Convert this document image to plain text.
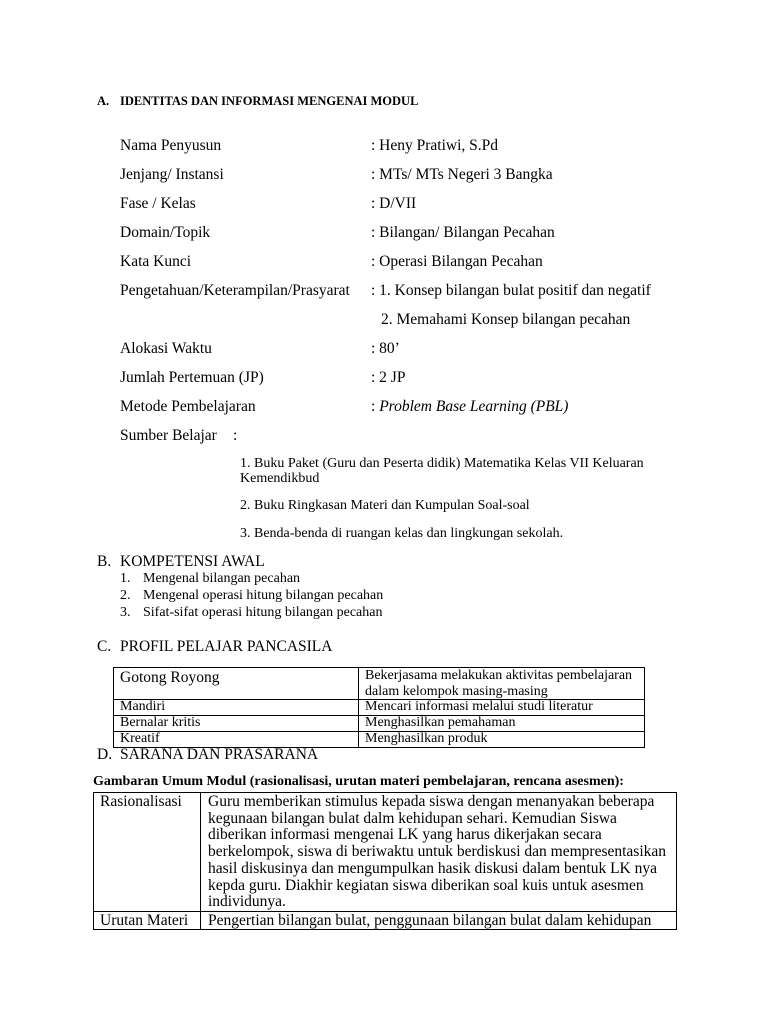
A. IDENTITAS DAN INFORMASI MENGENAI MODUL
Nama Penyusun	: Heny Pratiwi, S.Pd
Jenjang/ Instansi	: MTs/ MTs Negeri 3 Bangka
Fase / Kelas	: D/VII
Domain/Topik	: Bilangan/ Bilangan Pecahan
Kata Kunci	: Operasi Bilangan Pecahan
Pengetahuan/Keterampilan/Prasyarat : 1. Konsep bilangan bulat positif dan negatif
2. Memahami Konsep bilangan pecahan
Alokasi Waktu	: 80’
Jumlah Pertemuan (JP)	: 2 JP
Metode Pembelajaran	: Problem Base Learning (PBL)
Sumber Belajar :
1. Buku Paket (Guru dan Peserta didik) Matematika Kelas VII Keluaran Kemendikbud
2. Buku Ringkasan Materi dan Kumpulan Soal-soal
3. Benda-benda di ruangan kelas dan lingkungan sekolah.
B. KOMPETENSI AWAL
1. Mengenal bilangan pecahan
2. Mengenal operasi hitung bilangan pecahan
3. Sifat-sifat operasi hitung bilangan pecahan
C. PROFIL PELAJAR PANCASILA
Gotong Royong	Bekerjasama melakukan aktivitas pembelajaran dalam kelompok masing-masing
Mandiri	Mencari informasi melalui studi literatur
Bernalar kritis	Menghasilkan pemahaman
Kreatif	Menghasilkan produk
D. SARANA DAN PRASARANA
Gambaran Umum Modul (rasionalisasi, urutan materi pembelajaran, rencana asesmen):
Rasionalisasi	Guru memberikan stimulus kepada siswa dengan menanyakan beberapa kegunaan bilangan bulat dalm kehidupan sehari. Kemudian Siswa diberikan informasi mengenai LK yang harus dikerjakan secara berkelompok, siswa di beriwaktu untuk berdiskusi dan mempresentasikan hasil diskusinya dan mengumpulkan hasik diskusi dalam bentuk LK nya kepda guru. Diakhir kegiatan siswa diberikan soal kuis untuk asesmen individunya.
Urutan Materi	Pengertian bilangan bulat, penggunaan bilangan bulat dalam kehidupan
